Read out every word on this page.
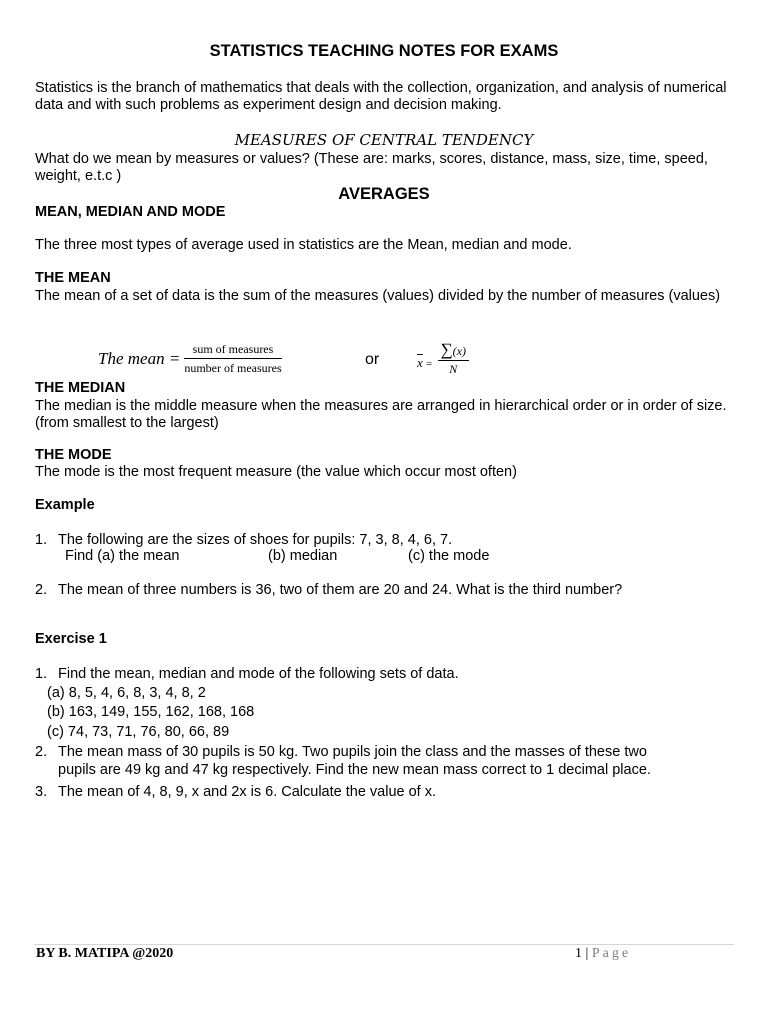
STATISTICS TEACHING NOTES FOR EXAMS
Statistics is the branch of mathematics that deals with the collection, organization, and analysis of numerical data and with such problems as experiment design and decision making.
MEASURES OF CENTRAL TENDENCY
What do we mean by measures or values? (These are: marks, scores, distance, mass, size, time, speed, weight, e.t.c )
AVERAGES
MEAN, MEDIAN AND MODE
The three most types of average used in statistics are the Mean, median and mode.
THE MEAN
The mean of a set of data is the sum of the measures (values) divided by the number of measures (values)
The mean = $\frac{\text{sum of measures}}{\text{number of measures}}$	or	$\overline{x} = \frac{\sum(x)}{N}$
THE MEDIAN
The median is the middle measure when the measures are arranged in hierarchical order or in order of size. (from smallest to the largest)
THE MODE
The mode is the most frequent measure (the value which occur most often)
Example
1. The following are the sizes of shoes for pupils: 7, 3, 8, 4, 6, 7.
Find (a) the mean	(b) median	(c) the mode
2. The mean of three numbers is 36, two of them are 20 and 24. What is the third number?
Exercise 1
1. Find the mean, median and mode of the following sets of data.
(a) 8, 5, 4, 6, 8, 3, 4, 8, 2
(b) 163, 149, 155, 162, 168, 168
(c) 74, 73, 71, 76, 80, 66, 89
2. The mean mass of 30 pupils is 50 kg. Two pupils join the class and the masses of these two
pupils are 49 kg and 47 kg respectively. Find the new mean mass correct to 1 decimal place.
3. The mean of 4, 8, 9, x and 2x is 6. Calculate the value of x.
BY B. MATIPA @2020	1 | Page
